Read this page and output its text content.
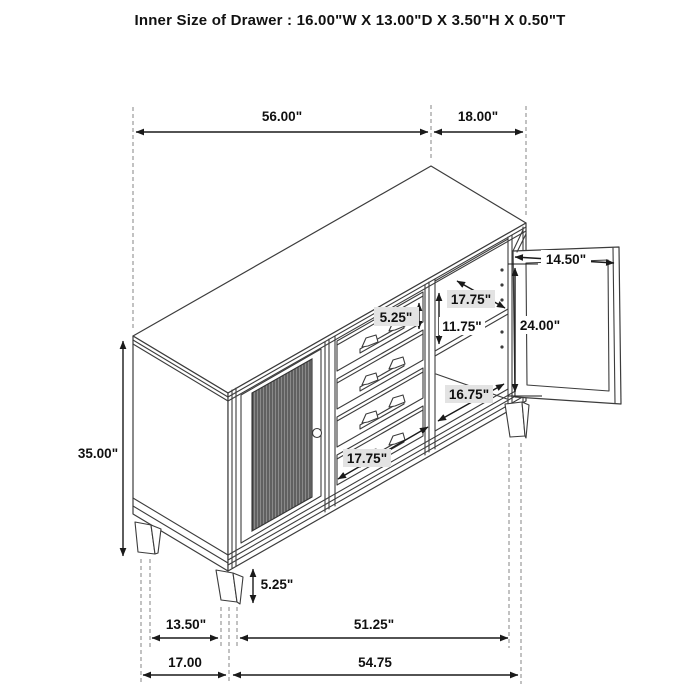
Inner Size of Drawer : 16.00"W X 13.00"D X 3.50"H X 0.50"T
56.00"	18.00"
35.00"
5.25"
17.75"
11.75"	24.00"
14.50"
16.75"
17.75"
5.25"
13.50"	51.25"
17.00	54.75
